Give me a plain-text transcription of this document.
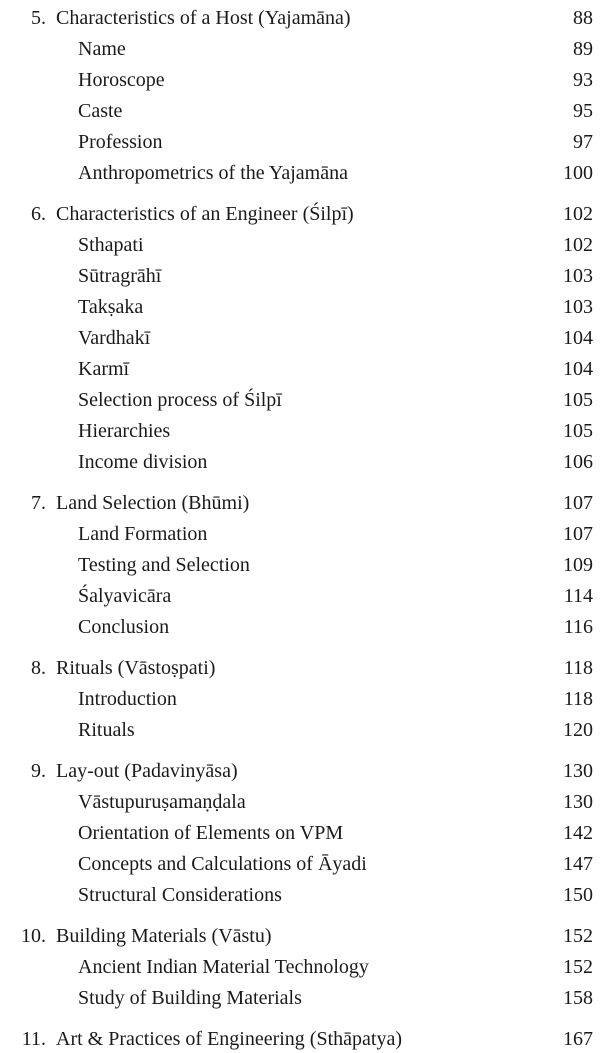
5. Characteristics of a Host (Yajamāna)	88
Name	89
Horoscope	93
Caste	95
Profession	97
Anthropometrics of the Yajamāna	100
6. Characteristics of an Engineer (Śilpī)	102
Sthapati	102
Sūtragrāhī	103
Takṣaka	103
Vardhakī	104
Karmī	104
Selection process of Śilpī	105
Hierarchies	105
Income division	106
7. Land Selection (Bhūmi)	107
Land Formation	107
Testing and Selection	109
Śalyavicāra	114
Conclusion	116
8. Rituals (Vāstoṣpati)	118
Introduction	118
Rituals	120
9. Lay-out (Padavinyāsa)	130
Vāstupuruṣamaṇḍala	130
Orientation of Elements on VPM	142
Concepts and Calculations of Āyadi	147
Structural Considerations	150
10. Building Materials (Vāstu)	152
Ancient Indian Material Technology	152
Study of Building Materials	158
11. Art & Practices of Engineering (Sthāpatya)	167
